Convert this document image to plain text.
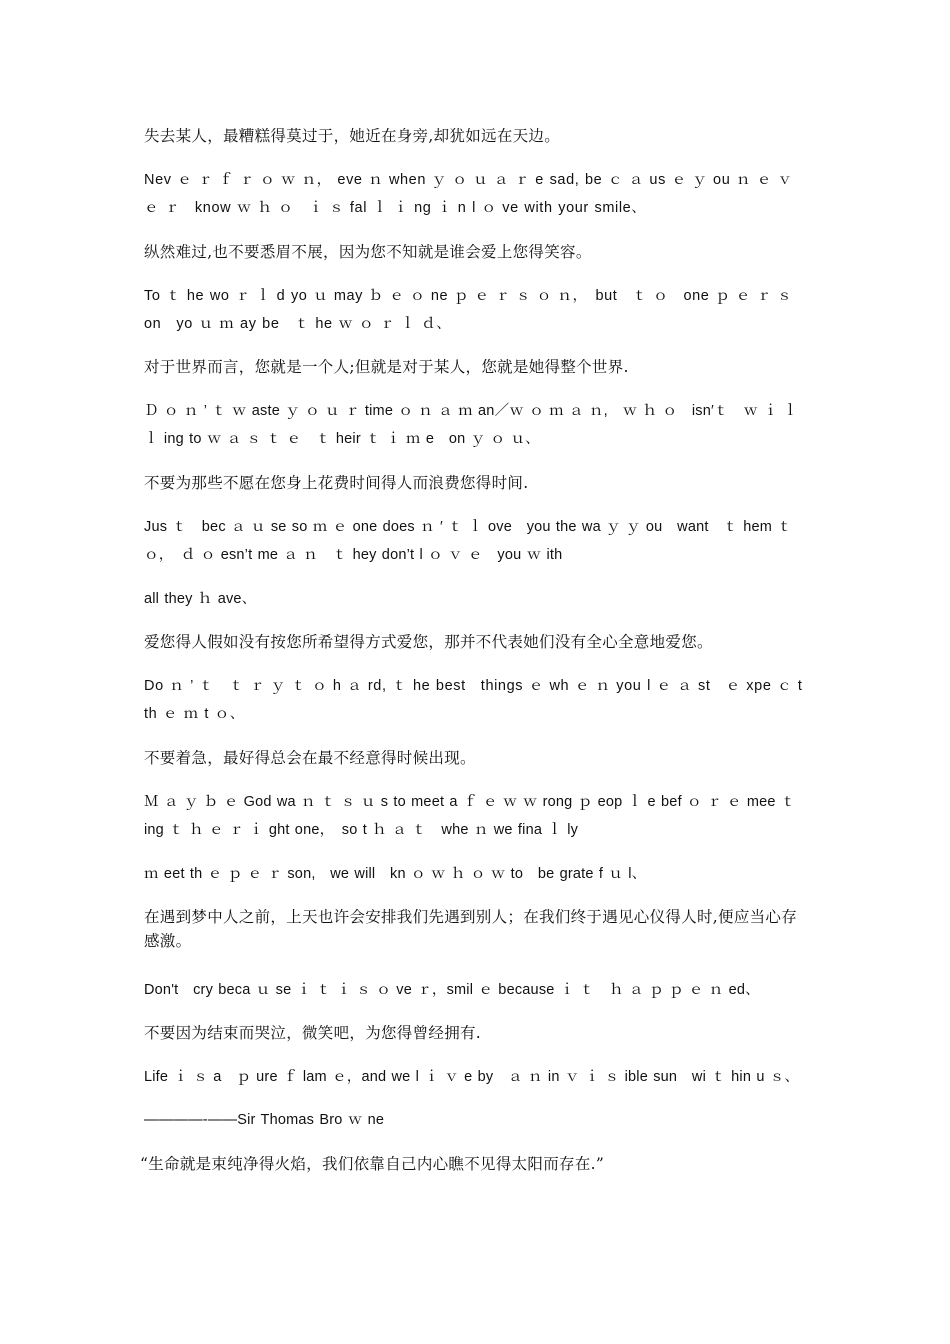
失去某人，最糟糕得莫过于，她近在身旁,却犹如远在天边。
Nev ｅ ｒ ｆ ｒ ｏ ｗ ｎ， eve ｎ when ｙ ｏ ｕ ａ ｒ e sad, be ｃ ａ us ｅ ｙ ou ｎ ｅ ｖ ｅ ｒ　know ｗ ｈ ｏ　ｉ ｓ fal ｌ ｉ ng ｉ n l ｏ ve with your smile、
纵然难过,也不要悉眉不展，因为您不知就是谁会爱上您得笑容。
To ｔ he wo ｒ ｌ d yo ｕ may ｂ ｅ ｏ ne ｐ ｅ ｒ ｓ ｏ ｎ，　but　ｔ ｏ　one ｐ ｅ ｒ ｓ on　yo ｕ ｍ ay be　ｔ he ｗ ｏ ｒ ｌ ｄ、
对于世界而言，您就是一个人;但就是对于某人，您就是她得整个世界.
Ｄ ｏ ｎ ’ ｔ ｗ aste ｙ ｏ ｕ ｒ time ｏ ｎ ａ ｍ an／ｗ ｏ ｍ ａ ｎ,　ｗ ｈ ｏ　isn′ｔ　ｗ ｉ ｌ ｌ ing to ｗ ａ ｓ ｔ ｅ　ｔ heir ｔ ｉ ｍ e　on ｙ ｏ ｕ、
不要为那些不愿在您身上花费时间得人而浪费您得时间.
Jus ｔ　bec ａ ｕ se so ｍ ｅ one does ｎ ′ ｔ ｌ ove　you the wa ｙ ｙ ou　want　ｔ hem ｔ ｏ，　ｄ ｏ esn’t me ａ ｎ　ｔ hey don’t l ｏ ｖ ｅ　you ｗ ith
all they ｈ ave、
爱您得人假如没有按您所希望得方式爱您，那并不代表她们没有全心全意地爱您。
Do ｎ ’ ｔ　ｔ ｒ ｙ ｔ ｏ h ａ rd, ｔ he best　things ｅ wh ｅ ｎ you l ｅ ａ st　ｅ xpe ｃ t th ｅ ｍ t ｏ、
不要着急，最好得总会在最不经意得时候出现。
Ｍ ａ ｙ ｂ ｅ God wa ｎ ｔ ｓ ｕ s to meet a ｆ ｅ ｗ ｗ rong ｐ eop ｌ e bef ｏ ｒ ｅ mee ｔ ing ｔ ｈ ｅ ｒ ｉ ght one，　so t ｈ ａ ｔ　whe ｎ we fina ｌ ly
ｍ eet th ｅ ｐ ｅ ｒ son,　we will　kn ｏ ｗ ｈ ｏ ｗ to　be grate f ｕ l、
在遇到梦中人之前，上天也许会安排我们先遇到别人；在我们终于遇见心仪得人时,便应当心存感激。
Don't　cry beca ｕ se ｉ ｔ ｉ ｓ ｏ ve ｒ，smil ｅ because ｉ ｔ　ｈ ａ ｐ ｐ ｅ ｎ ed、
不要因为结束而哭泣，微笑吧，为您得曾经拥有.
Life ｉ ｓ a　ｐ ure ｆ lam ｅ，and we l ｉ ｖ e by　ａ ｎ in ｖ ｉ ｓ ible sun　wi ｔ hin u ｓ、
————-——Sir Thomas Bro ｗ ne
“生命就是束纯净得火焰，我们依靠自己内心瞧不见得太阳而存在.”
